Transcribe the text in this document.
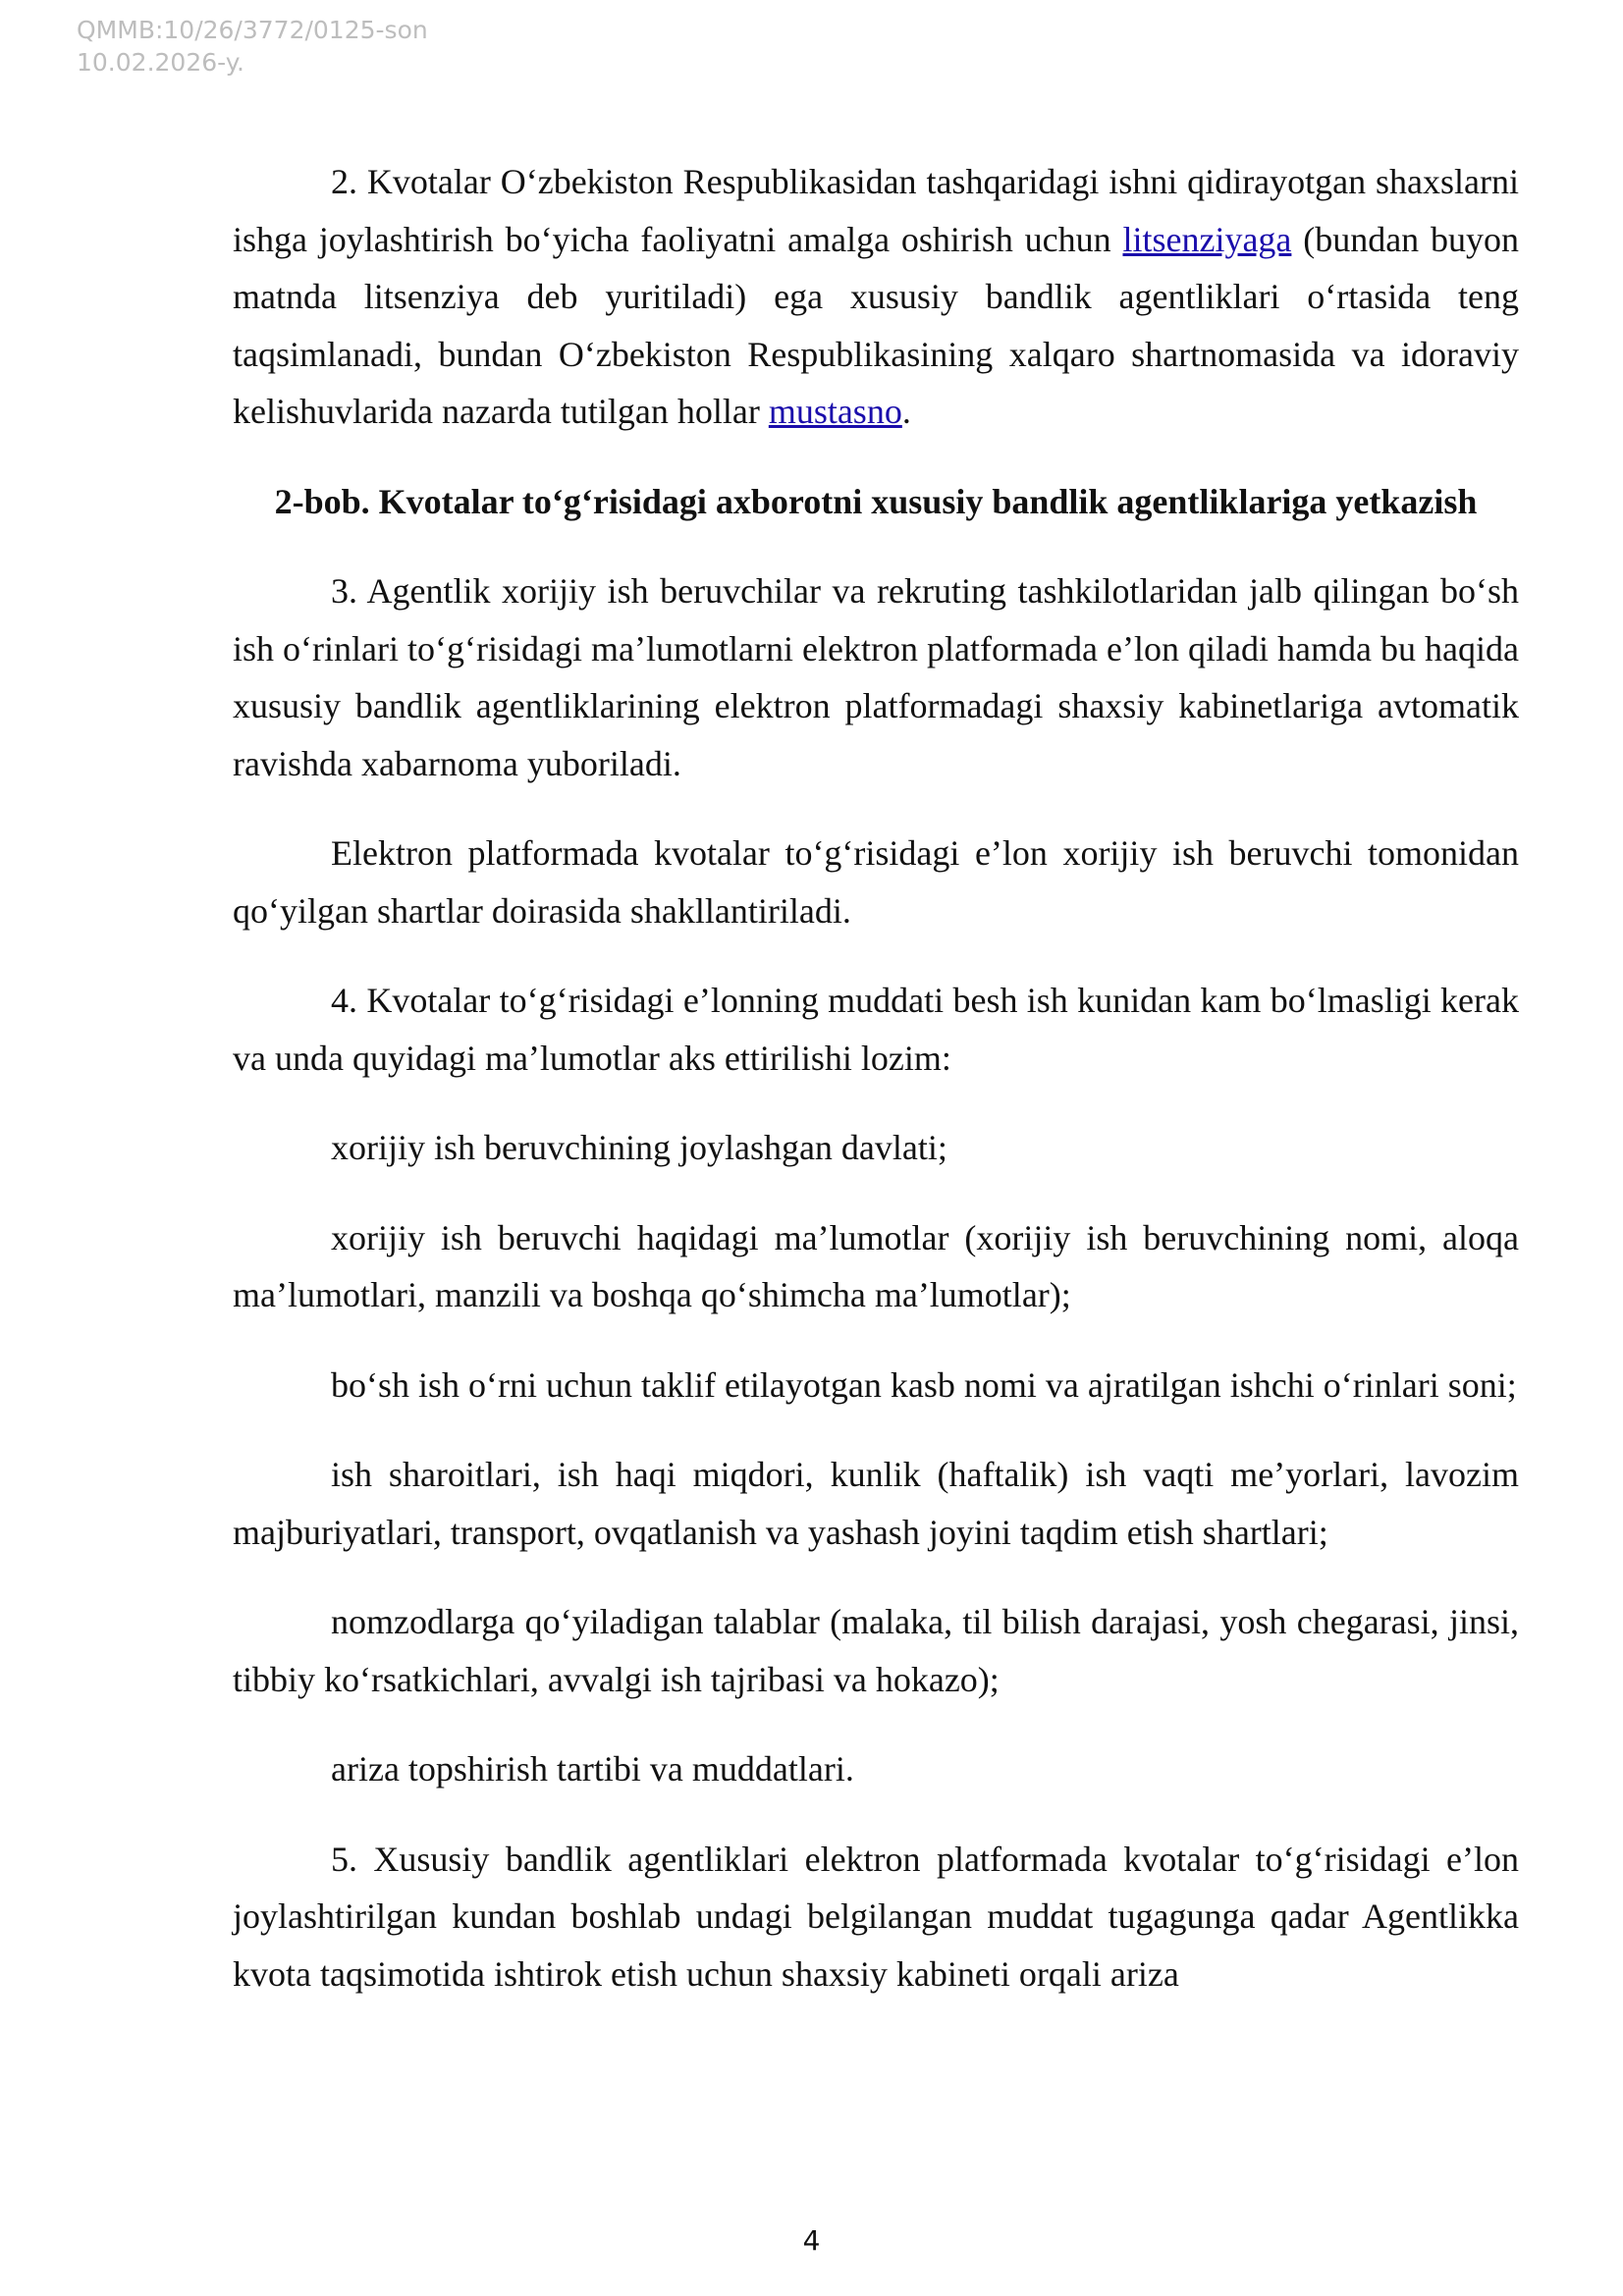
QMMB:10/26/3772/0125-son
10.02.2026-y.

2. Kvotalar Oʻzbekiston Respublikasidan tashqaridagi ishni qidirayotgan shaxslarni ishga joylashtirish boʻyicha faoliyatni amalga oshirish uchun litsenziyaga (bundan buyon matnda litsenziya deb yuritiladi) ega xususiy bandlik agentliklari oʻrtasida teng taqsimlanadi, bundan Oʻzbekiston Respublikasining xalqaro shartnomasida va idoraviy kelishuvlarida nazarda tutilgan hollar mustasno.

2-bob. Kvotalar toʻgʻrisidagi axborotni xususiy bandlik agentliklariga yetkazish

3. Agentlik xorijiy ish beruvchilar va rekruting tashkilotlaridan jalb qilingan boʻsh ish oʻrinlari toʻgʻrisidagi maʼlumotlarni elektron platformada eʼlon qiladi hamda bu haqida xususiy bandlik agentliklarining elektron platformadagi shaxsiy kabinetlariga avtomatik ravishda xabarnoma yuboriladi.

Elektron platformada kvotalar to‘g‘risidagi e’lon xorijiy ish beruvchi tomonidan qo‘yilgan shartlar doirasida shakllantiriladi.

4. Kvotalar to‘g‘risidagi e’lonning muddati besh ish kunidan kam boʻlmasligi kerak va unda quyidagi maʼlumotlar aks ettirilishi lozim:

xorijiy ish beruvchining joylashgan davlati;

xorijiy ish beruvchi haqidagi ma’lumotlar (xorijiy ish beruvchining nomi, aloqa ma’lumotlari, manzili va boshqa qo‘shimcha ma’lumotlar);

boʻsh ish oʻrni uchun taklif etilayotgan kasb nomi va ajratilgan ishchi oʻrinlari soni;

ish sharoitlari, ish haqi miqdori, kunlik (haftalik) ish vaqti meʼyorlari, lavozim majburiyatlari, transport, ovqatlanish va yashash joyini taqdim etish shartlari;

nomzodlarga qoʻyiladigan talablar (malaka, til bilish darajasi, yosh chegarasi, jinsi, tibbiy koʻrsatkichlari, avvalgi ish tajribasi va hokazo);

ariza topshirish tartibi va muddatlari.

5. Xususiy bandlik agentliklari elektron platformada kvotalar to‘g‘risidagi e’lon joylashtirilgan kundan boshlab undagi belgilangan muddat tugagunga qadar Agentlikka kvota taqsimotida ishtirok etish uchun shaxsiy kabineti orqali ariza

4
